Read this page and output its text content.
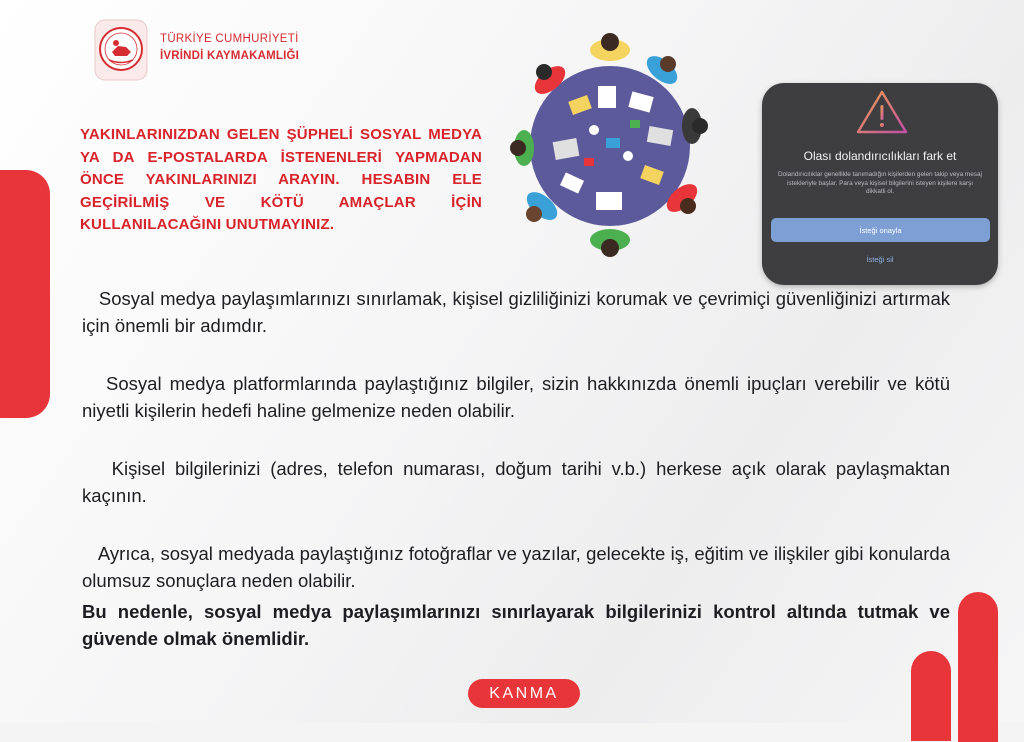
TÜRKİYE CUMHURİYETİ
İVRİNDİ KAYMAKAMLIĞI
YAKINLARINIZDAN GELEN ŞÜPHELİ SOSYAL MEDYA YA DA E-POSTALARDA İSTENENLERİ YAPMADAN ÖNCE YAKINLARINIZI ARAYIN. HESABIN ELE GEÇİRİLMİŞ VE KÖTÜ AMAÇLAR İÇİN KULLANILACAĞINI UNUTMAYINIZ.
Olası dolandırıcılıkları fark et
Dolandırıcılıklar genellikle tanımadığın kişilerden gelen takip veya mesaj istekleriyle başlar. Para veya kişisel bilgilerini isteyen kişilere karşı dikkatli ol.
İsteği onayla
İsteği sil

Sosyal medya paylaşımlarınızı sınırlamak, kişisel gizliliğinizi korumak ve çevrimiçi güvenliğinizi artırmak için önemli bir adımdır.

Sosyal medya platformlarında paylaştığınız bilgiler, sizin hakkınızda önemli ipuçları verebilir ve kötü niyetli kişilerin hedefi haline gelmenize neden olabilir.

Kişisel bilgilerinizi (adres, telefon numarası, doğum tarihi v.b.) herkese açık olarak paylaşmaktan kaçının.

Ayrıca, sosyal medyada paylaştığınız fotoğraflar ve yazılar, gelecekte iş, eğitim ve ilişkiler gibi konularda olumsuz sonuçlara neden olabilir.

Bu nedenle, sosyal medya paylaşımlarınızı sınırlayarak bilgilerinizi kontrol altında tutmak ve güvende olmak önemlidir.

KANMA
